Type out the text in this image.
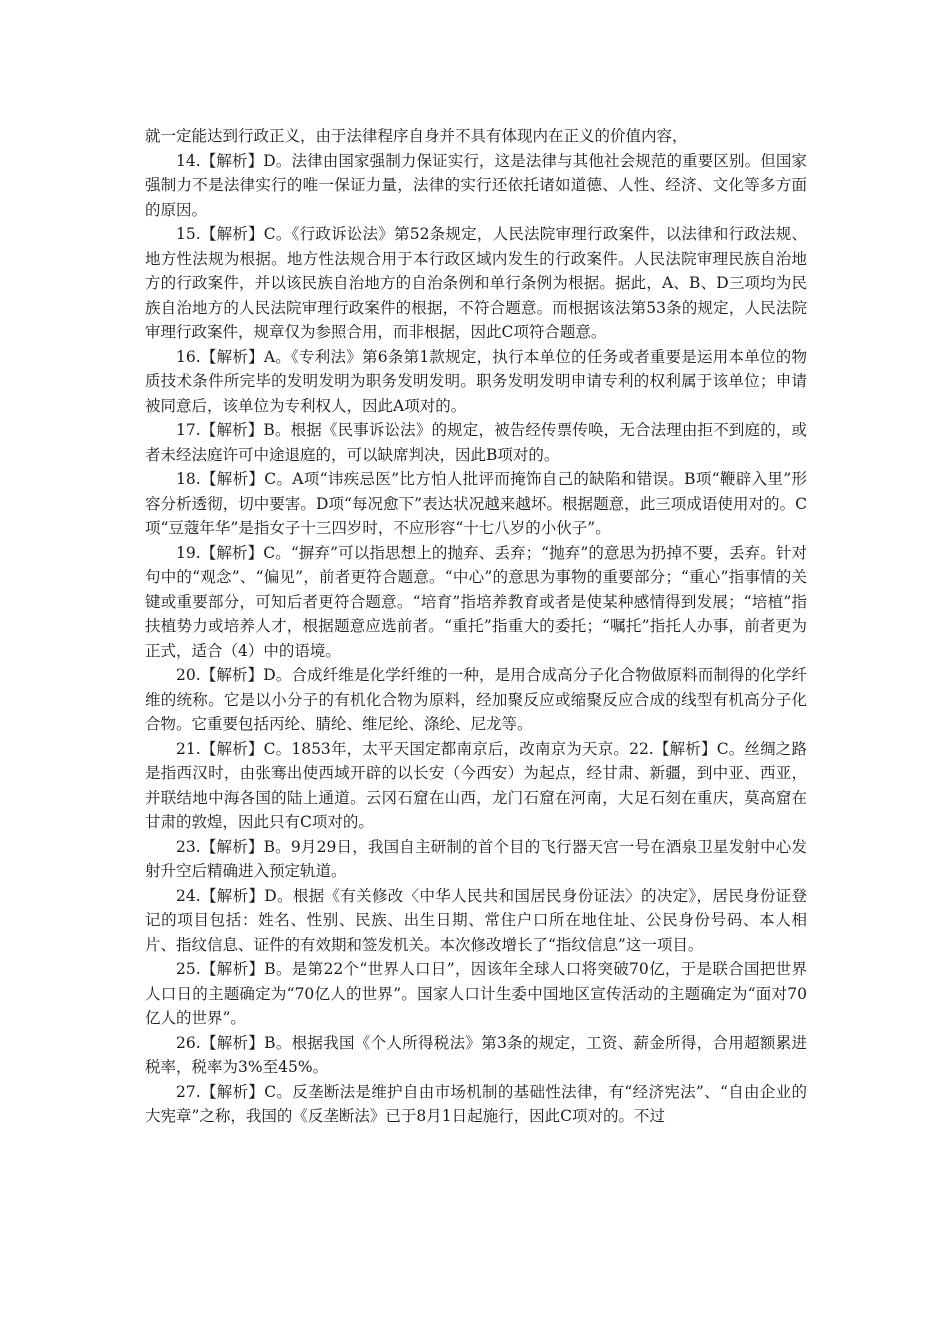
就一定能达到行政正义，由于法律程序自身并不具有体现内在正义的价值内容，

14.【解析】D。法律由国家强制力保证实行，这是法律与其他社会规范的重要区别。但国家强制力不是法律实行的唯一保证力量，法律的实行还依托诸如道德、人性、经济、文化等多方面的原因。

15.【解析】C。《行政诉讼法》第52条规定，人民法院审理行政案件，以法律和行政法规、地方性法规为根据。地方性法规合用于本行政区域内发生的行政案件。人民法院审理民族自治地方的行政案件，并以该民族自治地方的自治条例和单行条例为根据。据此，A、B、D三项均为民族自治地方的人民法院审理行政案件的根据，不符合题意。而根据该法第53条的规定，人民法院审理行政案件，规章仅为参照合用，而非根据，因此C项符合题意。

16.【解析】A。《专利法》第6条第1款规定，执行本单位的任务或者重要是运用本单位的物质技术条件所完毕的发明发明为职务发明发明。职务发明发明申请专利的权利属于该单位；申请被同意后，该单位为专利权人，因此A项对的。

17.【解析】B。根据《民事诉讼法》的规定，被告经传票传唤，无合法理由拒不到庭的，或者未经法庭许可中途退庭的，可以缺席判决，因此B项对的。

18.【解析】C。A项“讳疾忌医”比方怕人批评而掩饰自己的缺陷和错误。B项“鞭辟入里”形容分析透彻，切中要害。D项“每况愈下”表达状况越来越坏。根据题意，此三项成语使用对的。C项“豆蔻年华”是指女子十三四岁时，不应形容“十七八岁的小伙子”。

19.【解析】C。“摒弃”可以指思想上的抛弃、丢弃；“抛弃”的意思为扔掉不要，丢弃。针对句中的“观念”、“偏见”，前者更符合题意。“中心”的意思为事物的重要部分；“重心”指事情的关键或重要部分，可知后者更符合题意。“培育”指培养教育或者是使某种感情得到发展；“培植”指扶植势力或培养人才，根据题意应选前者。“重托”指重大的委托；“嘱托”指托人办事，前者更为正式，适合（4）中的语境。

20.【解析】D。合成纤维是化学纤维的一种，是用合成高分子化合物做原料而制得的化学纤维的统称。它是以小分子的有机化合物为原料，经加聚反应或缩聚反应合成的线型有机高分子化合物。它重要包括丙纶、腈纶、维尼纶、涤纶、尼龙等。

21.【解析】C。1853年，太平天国定都南京后，改南京为天京。22.【解析】C。丝绸之路是指西汉时，由张骞出使西域开辟的以长安（今西安）为起点，经甘肃、新疆，到中亚、西亚，并联结地中海各国的陆上通道。云冈石窟在山西，龙门石窟在河南，大足石刻在重庆，莫高窟在甘肃的敦煌，因此只有C项对的。

23.【解析】B。9月29日，我国自主研制的首个目的飞行器天宫一号在酒泉卫星发射中心发射升空后精确进入预定轨道。

24.【解析】D。根据《有关修改〈中华人民共和国居民身份证法〉的决定》，居民身份证登记的项目包括：姓名、性别、民族、出生日期、常住户口所在地住址、公民身份号码、本人相片、指纹信息、证件的有效期和签发机关。本次修改增长了“指纹信息”这一项目。

25.【解析】B。是第22个“世界人口日”，因该年全球人口将突破70亿，于是联合国把世界人口日的主题确定为“70亿人的世界”。国家人口计生委中国地区宣传活动的主题确定为“面对70亿人的世界”。

26.【解析】B。根据我国《个人所得税法》第3条的规定，工资、薪金所得，合用超额累进税率，税率为3%至45%。

27.【解析】C。反垄断法是维护自由市场机制的基础性法律，有“经济宪法”、“自由企业的大宪章”之称，我国的《反垄断法》已于8月1日起施行，因此C项对的。不过
